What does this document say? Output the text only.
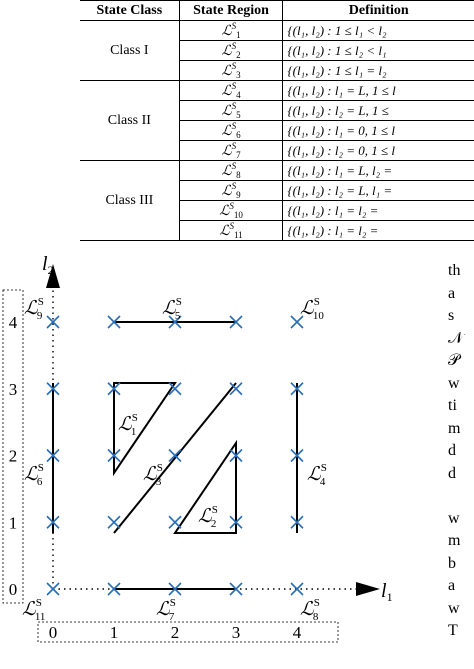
State Class	State Region	Definition
Class I	ℒ$^S_1$	{(l₁, l₂) : 1 ≤ l₁ < l₂
	ℒ$^S_2$	{(l₁, l₂) : 1 ≤ l₂ < l₁
	ℒ$^S_3$	{(l₁, l₂) : 1 ≤ l₁ = l₂
Class II	ℒ$^S_4$	{(l₁, l₂) : l₁ = L, 1 ≤ l
	ℒ$^S_5$	{(l₁, l₂) : l₂ = L, 1 ≤
	ℒ$^S_6$	{(l₁, l₂) : l₁ = 0, 1 ≤ l
	ℒ$^S_7$	{(l₁, l₂) : l₂ = 0, 1 ≤ l
Class III	ℒ$^S_8$	{(l₁, l₂) : l₁ = L, l₂ =
	ℒ$^S_9$	{(l₁, l₂) : l₂ = L, l₁ =
	ℒ$^S_{10}$	{(l₁, l₂) : l₁ = l₂ =
	ℒ$^S_{11}$	{(l₁, l₂) : l₁ = l₂ =
0
1
2
3
4
0	1	2	3	4
ℒ$^S$ 1
ℒ$^S$ 2
ℒ$^S$ 3	ℒ$^S$ 4
ℒ$^S$ 5
ℒ$^S$ 6
ℒ$^S$ 7	ℒ$^S$ 8
ℒ$^S$ 9	ℒ$^S$ 10
ℒ$^S$ 11
$l_2$
$l_1$
th
a
s
𝒩
𝒫
w
ti
m
d
d
w
m
b
a
w
T
